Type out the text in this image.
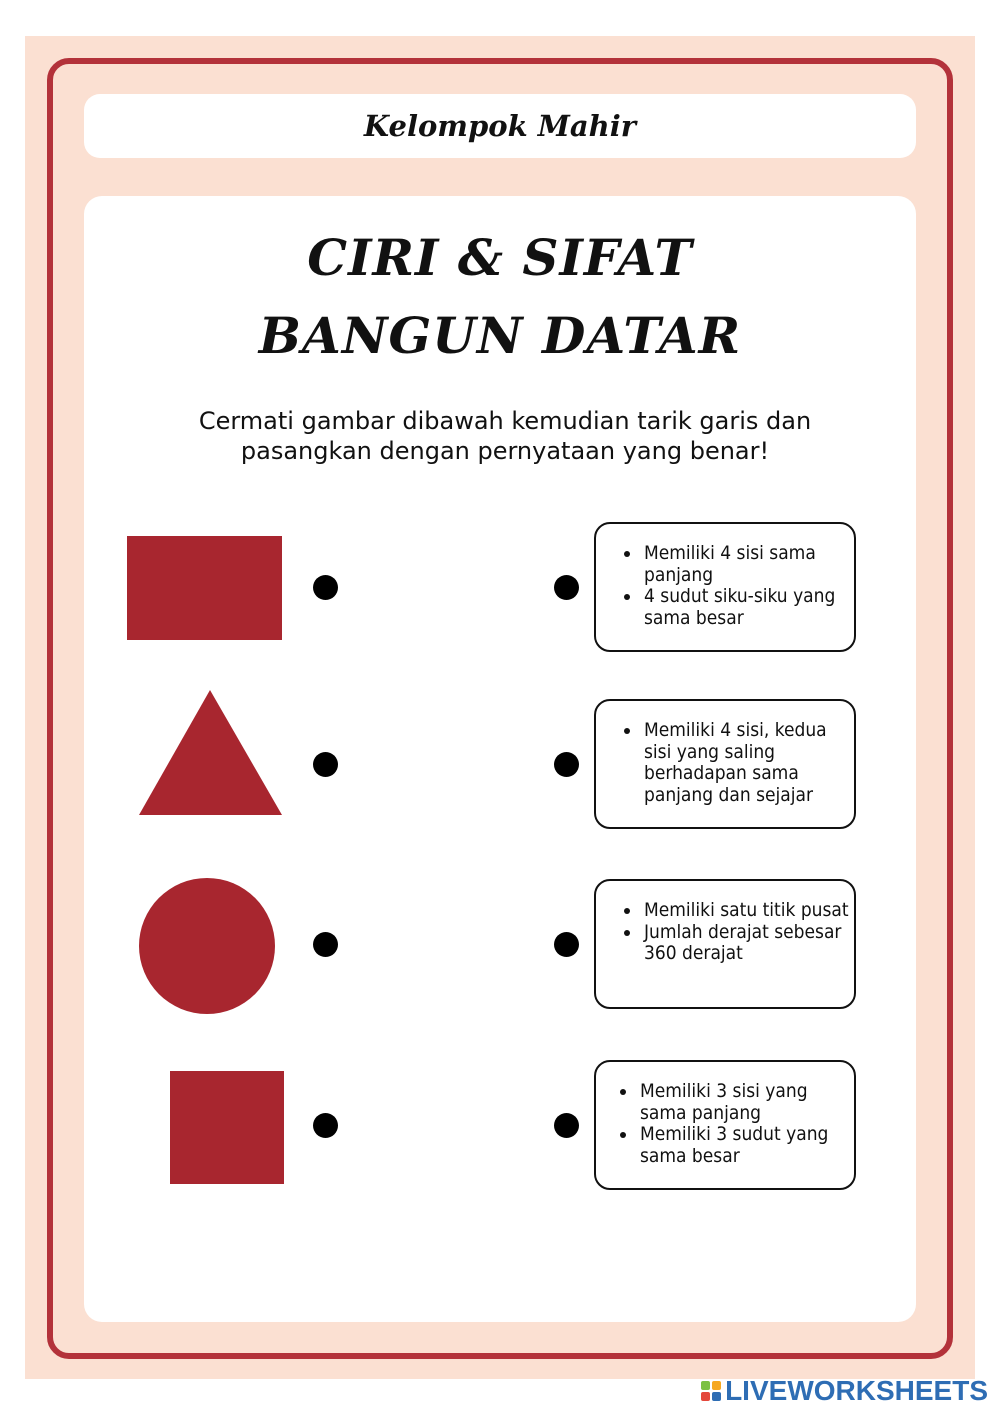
Kelompok Mahir
CIRI & SIFAT
BANGUN DATAR
Cermati gambar dibawah kemudian tarik garis dan pasangkan dengan pernyataan yang benar!
• Memiliki 4 sisi sama panjang
• 4 sudut siku-siku yang sama besar
• Memiliki 4 sisi, kedua sisi yang saling berhadapan sama panjang dan sejajar
• Memiliki satu titik pusat
• Jumlah derajat sebesar 360 derajat
• Memiliki 3 sisi yang sama panjang
• Memiliki 3 sudut yang sama besar
LIVEWORKSHEETS
